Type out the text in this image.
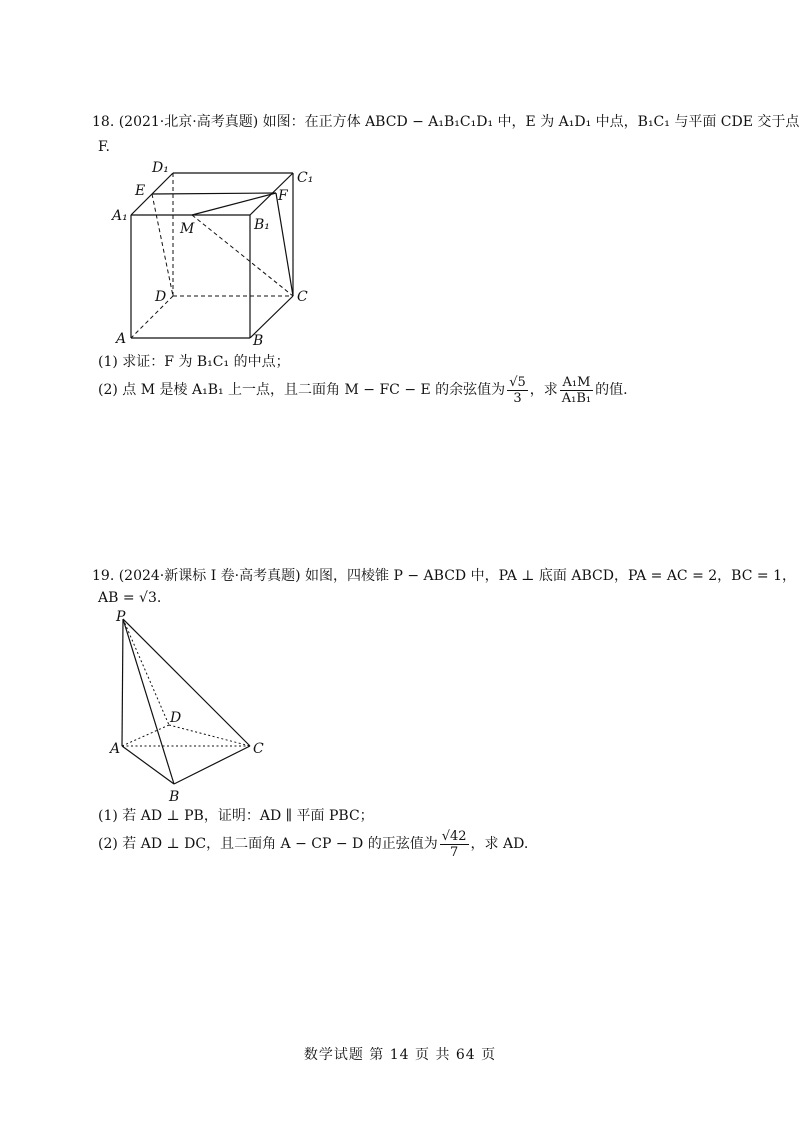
18. (2021·北京·高考真题) 如图：在正方体 ABCD − A₁B₁C₁D₁ 中，E 为 A₁D₁ 中点，B₁C₁ 与平面 CDE 交于点
F.
D₁
C₁
E	F
A₁
M	B₁
D	C
A	B
(1) 求证：F 为 B₁C₁ 的中点；
(2) 点 M 是棱 A₁B₁ 上一点，且二面角 M − FC − E 的余弦值为 $\frac{√5}{3}$ ，求 $\frac{\text{A₁M}}{\text{A₁B₁}}$ 的值.
19. (2024·新课标 Ⅰ 卷·高考真题) 如图，四棱锥 P − ABCD 中，PA ⊥ 底面 ABCD，PA = AC = 2，BC = 1，
AB = √3.
P
D
A	C
B
(1) 若 AD ⊥ PB，证明：AD ∥ 平面 PBC；
(2) 若 AD ⊥ DC，且二面角 A − CP − D 的正弦值为 $\frac{√42}{7}$ ，求 AD.
数学试题 第 14 页 共 64 页
